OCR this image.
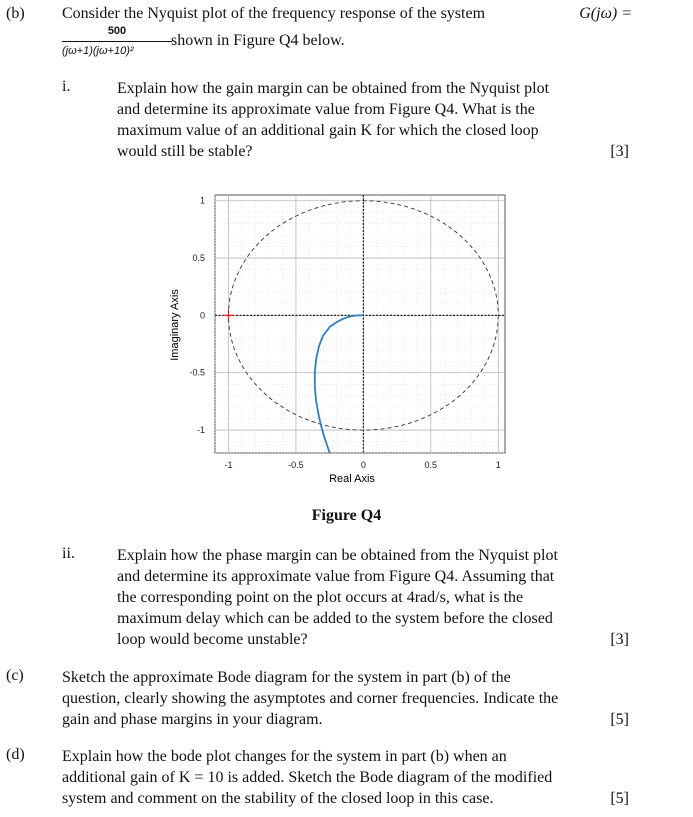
(b) Consider the Nyquist plot of the frequency response of the system	G(jω) =
500
(jω+1)(jω+10)²
shown in Figure Q4 below.
i.	Explain how the gain margin can be obtained from the Nyquist plot
and determine its approximate value from Figure Q4. What is the
maximum value of an additional gain K for which the closed loop
would still be stable?	[3]
-1	-0.5	0	0.5	1
-1
-0.5
0
0.5
1
Real Axis
Imaginary Axis
Figure Q4
ii.	Explain how the phase margin can be obtained from the Nyquist plot
and determine its approximate value from Figure Q4. Assuming that
the corresponding point on the plot occurs at 4rad/s, what is the
maximum delay which can be added to the system before the closed
loop would become unstable?	[3]
(c) Sketch the approximate Bode diagram for the system in part (b) of the
question, clearly showing the asymptotes and corner frequencies. Indicate the
gain and phase margins in your diagram.	[5]
(d) Explain how the bode plot changes for the system in part (b) when an
additional gain of K = 10 is added. Sketch the Bode diagram of the modified
system and comment on the stability of the closed loop in this case.	[5]
